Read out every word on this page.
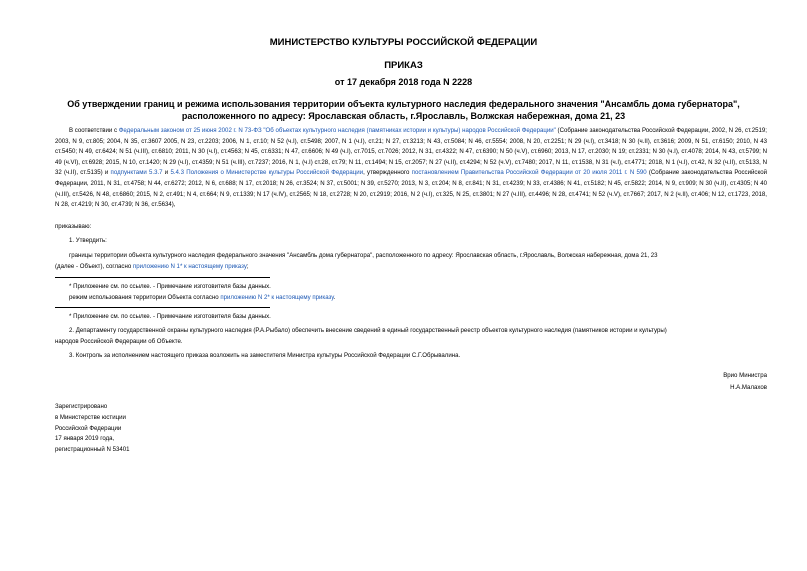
МИНИСТЕРСТВО КУЛЬТУРЫ РОССИЙСКОЙ ФЕДЕРАЦИИ
ПРИКАЗ
от 17 декабря 2018 года N 2228
Об утверждении границ и режима использования территории объекта культурного наследия федерального значения "Ансамбль дома губернатора",
расположенного по адресу: Ярославская область, г.Ярославль, Волжская набережная, дома 21, 23
В соответствии с Федеральным законом от 25 июня 2002 г. N 73-ФЗ "Об объектах культурного наследия (памятниках истории и культуры) народов Российской Федерации" (Собрание законодательства Российской Федерации, 2002, N 26, ст.2519; 2003, N 9, ст.805; 2004, N 35, ст.3607 2005, N 23, ст.2203; 2006, N 1, ст.10; N 52 (ч.I), ст.5498; 2007, N 1 (ч.I), ст.21; N 27, ст.3213; N 43, ст.5084; N 46, ст.5554; 2008, N 20, ст.2251; N 29 (ч.I), ст.3418; N 30 (ч.II), ст.3616; 2009, N 51, ст.6150; 2010, N 43 ст.5450; N 49, ст.6424; N 51 (ч.III), ст.6810; 2011, N 30 (ч.I), ст.4563; N 45, ст.6331; N 47, ст.6606; N 49 (ч.I), ст.7015, ст.7026; 2012, N 31, ст.4322; N 47, ст.6390; N 50 (ч.V), ст.6960; 2013, N 17, ст.2030; N 19; ст.2331; N 30 (ч.I), ст.4078; 2014, N 43, ст.5799; N 49 (ч.VI), ст.6928; 2015, N 10, ст.1420; N 29 (ч.I), ст.4359; N 51 (ч.III), ст.7237; 2016, N 1, (ч.I) ст.28, ст.79; N 11, ст.1494; N 15, ст.2057; N 27 (ч.II), ст.4294; N 52 (ч.V), ст.7480; 2017, N 11, ст.1538, N 31 (ч.I), ст.4771; 2018, N 1 (ч.I), ст.42, N 32 (ч.II), ст.5133, N 32 (ч.II), ст.5135) и подпунктами 5.3.7 и 5.4.3 Положения о Министерстве культуры Российской Федерации, утвержденного постановлением Правительства Российской Федерации от 20 июля 2011 г. N 590 (Собрание законодательства Российской Федерации, 2011, N 31, ст.4758; N 44, ст.6272; 2012, N 6, ст.688; N 17, ст.2018; N 26, ст.3524; N 37, ст.5001; N 39, ст.5270; 2013, N 3, ст.204; N 8, ст.841; N 31, ст.4239; N 33, ст.4386; N 41, ст.5182; N 45, ст.5822; 2014, N 9, ст.909; N 30 (ч.II), ст.4305; N 40 (ч.III), ст.5426, N 48, ст.6860; 2015, N 2, ст.491; N 4, ст.664; N 9, ст.1339; N 17 (ч.IV), ст.2565; N 18, ст.2728; N 20, ст.2919; 2016, N 2 (ч.I), ст.325, N 25, ст.3801; N 27 (ч.III), ст.4496; N 28, ст.4741; N 52 (ч.V), ст.7667; 2017, N 2 (ч.II), ст.406; N 12, ст.1723, 2018, N 28, ст.4219; N 30, ст.4739; N 36, ст.5634),
приказываю:
1. Утвердить:
границы территории объекта культурного наследия федерального значения "Ансамбль дома губернатора", расположенного по адресу: Ярославская область, г.Ярославль, Волжская набережная, дома 21, 23
(далее - Объект), согласно приложению N 1* к настоящему приказу;
* Приложение см. по ссылке. - Примечание изготовителя базы данных.
режим использования территории Объекта согласно приложению N 2* к настоящему приказу.
* Приложение см. по ссылке. - Примечание изготовителя базы данных.
2. Департаменту государственной охраны культурного наследия (Р.А.Рыбало) обеспечить внесение сведений в единый государственный реестр объектов культурного наследия (памятников истории и культуры)
народов Российской Федерации об Объекте.
3. Контроль за исполнением настоящего приказа возложить на заместителя Министра культуры Российской Федерации С.Г.Обрывалина.
Врио Министра
Н.А.Малахов
Зарегистрировано
в Министерстве юстиции
Российской Федерации
17 января 2019 года,
регистрационный N 53401
